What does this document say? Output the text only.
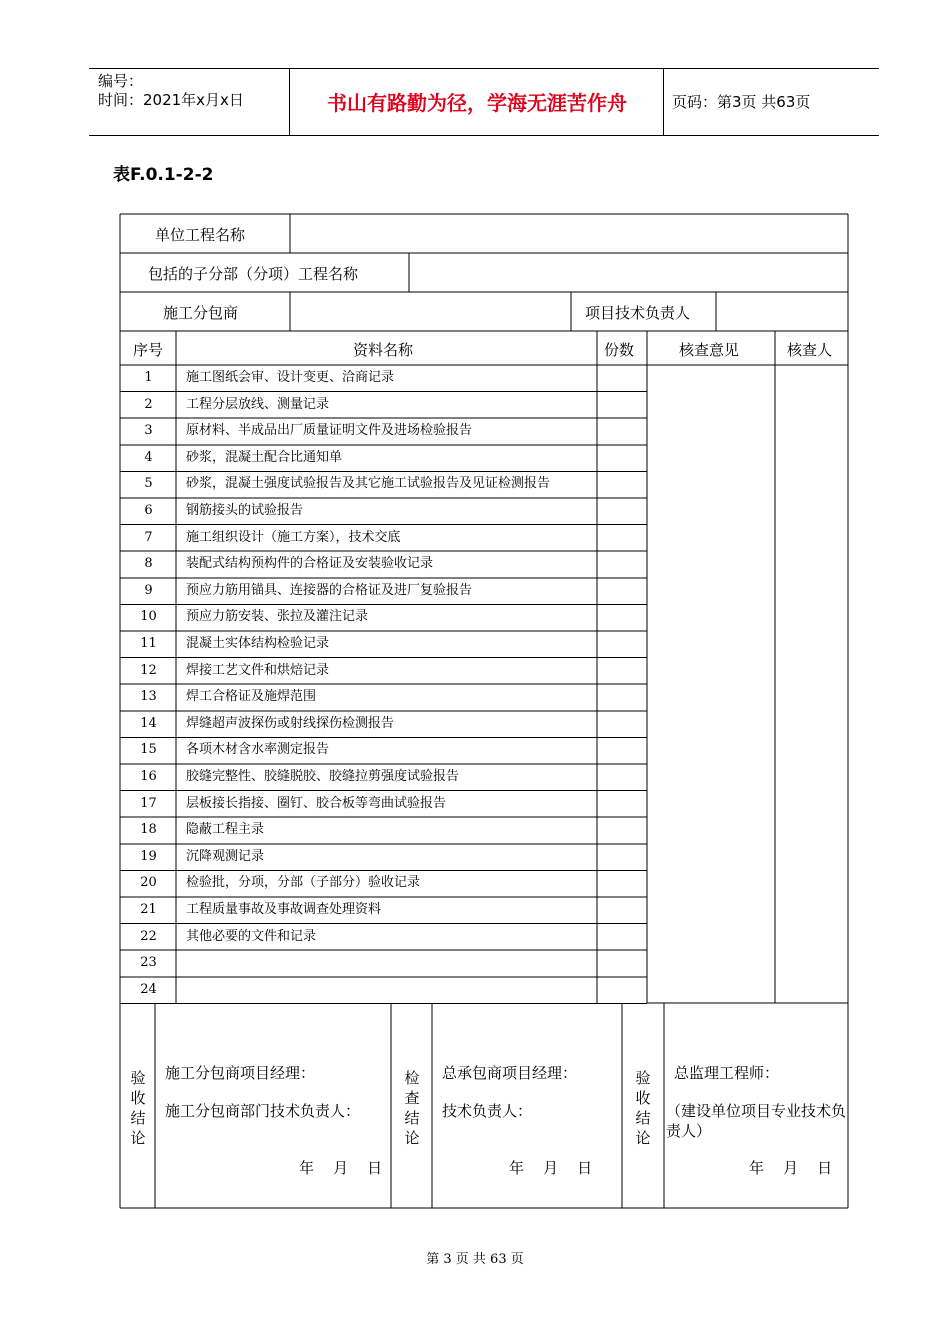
编号：
时间：2021年x月x日	书山有路勤为径，学海无涯苦作舟	页码：第3页 共63页
表F.0.1-2-2
单位工程名称
包括的子分部（分项）工程名称
施工分包商	项目技术负责人
序号	资料名称	份数	核查意见	核查人
1	施工图纸会审、设计变更、洽商记录
2	工程分层放线、测量记录
3	原材料、半成品出厂质量证明文件及进场检验报告
4	砂浆，混凝土配合比通知单
5	砂浆，混凝土强度试验报告及其它施工试验报告及见证检测报告
6	钢筋接头的试验报告
7	施工组织设计（施工方案），技术交底
8	装配式结构预构件的合格证及安装验收记录
9	预应力筋用锚具、连接器的合格证及进厂复验报告
10	预应力筋安装、张拉及灌注记录
11	混凝土实体结构检验记录
12	焊接工艺文件和烘焙记录
13	焊工合格证及施焊范围
14	焊缝超声波探伤或射线探伤检测报告
15	各项木材含水率测定报告
16	胶缝完整性、胶缝脱胶、胶缝拉剪强度试验报告
17	层板接长指接、圈钉、胶合板等弯曲试验报告
18	隐蔽工程主录
19	沉降观测记录
20	检验批，分项，分部（子部分）验收记录
21	工程质量事故及事故调查处理资料
22	其他必要的文件和记录
23
24
验
收
结
论
施工分包商项目经理：
施工分包商部门技术负责人：
年    月    日
检
查
结
论
总承包商项目经理：
技术负责人：
年    月    日
验
收
结
论
总监理工程师：
（建设单位项目专业技术负责人）
年    月    日
第 3 页 共 63 页
